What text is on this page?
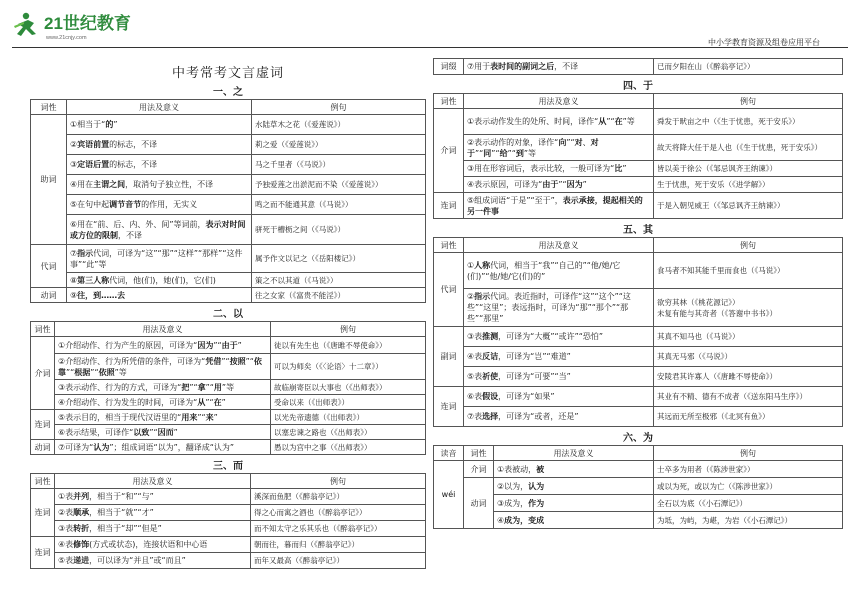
21世纪教育
www.21cnjy.com	中小学教育资源及组卷应用平台
中考常考文言虚词
一、之
词性	用法及意义	例句
助词	①相当于“的”	水陆草木之花（《爱莲说》）
	②宾语前置的标志，不译	莉之爱（《爱莲说》）
	③定语后置的标志，不译	马之千里者（《马说》）
	④用在主谓之间，取消句子独立性，不译	予独爱莲之出淤泥而不染（《爱莲说》）
	⑤在句中起调节音节的作用，无实义	鸣之而不能通其意（《马说》）
	⑥用在“前、后、内、外、间”等词前，表示对时间或方位的限制，不译	骈死于槽枥之间（《马说》）
代词	⑦指示代词，可译为“这”“那”“这样”“那样”“这件事”“此”等	属予作文以记之（《岳阳楼记》）
	⑧第三人称代词，他(们)，她(们)，它(们)	策之不以其道（《马说》）
动词	⑨往，到……去	往之女家（《富贵不能淫》）
二、以
词性	用法及意义	例句
介词	①介绍动作、行为产生的原因，可译为“因为”“由于”	徒以有先生也（《唐雎不辱使命》）
	②介绍动作、行为所凭借的条件，可译为“凭借”“按照”“依靠”“根据”“依照”等	可以为师矣（《〈论语〉十二章》）
	③表示动作、行为的方式，可译为“把”“拿”“用”等	故临崩寄臣以大事也（《出师表》）
	④介绍动作、行为发生的时间，可译为“从”“在”	受命以来（《出师表》）
连词	⑤表示目的，相当于现代汉语里的“用来”“来”	以光先帝遗德（《出师表》）
	⑥表示结果，可译作“以致”“因而”	以塞忠谏之路也（《出师表》）
动词	⑦可译为“认为”；组成词语“以为”，翻译成“认为”	愚以为宫中之事（《出师表》）
三、而
词性	用法及意义	例句
连词	①表并列，相当于“和”“与”	溪深而鱼肥（《醉翁亭记》）
	②表顺承，相当于“就”“才”	得之心而寓之酒也（《醉翁亭记》）
	③表转折，相当于“却”“但是”	而不知太守之乐其乐也（《醉翁亭记》）
连词	④表修饰(方式或状态)，连接状语和中心语	朝而往，暮而归（《醉翁亭记》）
	⑤表递进，可以译为“并且”或“而且”	而年又最高（《醉翁亭记》）
词缀	⑦用于表时间的副词之后，不译	已而夕阳在山（《醉翁亭记》）
四、于
词性	用法及意义	例句
介词	①表示动作发生的处所、时间，译作“从”“在”等	舜发于畎亩之中（《生于忧患，死于安乐》）
	②表示动作的对象，译作“向”“对、对于”“同”“给”“到”等	故天将降大任于是人也（《生于忧患，死于安乐》）
	③用在形容词后，表示比较，一般可译为“比”	皆以美于徐公（《邹忌讽齐王纳谏》）
	④表示原因，可译为“由于”“因为”	生于忧患，死于安乐（《进学解》）
连词	⑤组成词语“于是”“至于”，表示承接，提起相关的另一件事	于是入朝见威王（《邹忌讽齐王纳谏》）
五、其
词性	用法及意义	例句
代词	①人称代词，相当于“我”“自己的”“他/她/它(们)”“他/她/它(们)的”	食马者不知其能千里而食也（《马说》）
	②指示代词。表近指时，可译作“这”“这个”“这些”“这里”；表远指时，可译为“那”“那个”“那些”“那里”	欲穷其林（《桃花源记》）
未复有能与其奇者（《答谢中书书》）
副词	③表推测，可译为“大概”“或许”“恐怕”	其真不知马也（《马说》）
	④表反诘，可译为“岂”“难道”	其真无马邪（《马说》）
	⑤表祈使，可译为“可要”“当”	安陵君其许寡人（《唐雎不辱使命》）
连词	⑥表假设，可译为“如果”	其业有不精、德有不成者（《送东阳马生序》）
	⑦表选择，可译为“或者，还是”	其远而无所至极邪（《北冥有鱼》）
六、为
读音	词性	用法及意义	例句
wéi	介词	①表被动，被	士卒多为用者（《陈涉世家》）
	动词	②以为，认为	或以为死，或以为亡（《陈涉世家》）
		③成为，作为	全石以为底（《小石潭记》）
		④成为，变成	为坻，为屿，为嵁，为岩（《小石潭记》）
